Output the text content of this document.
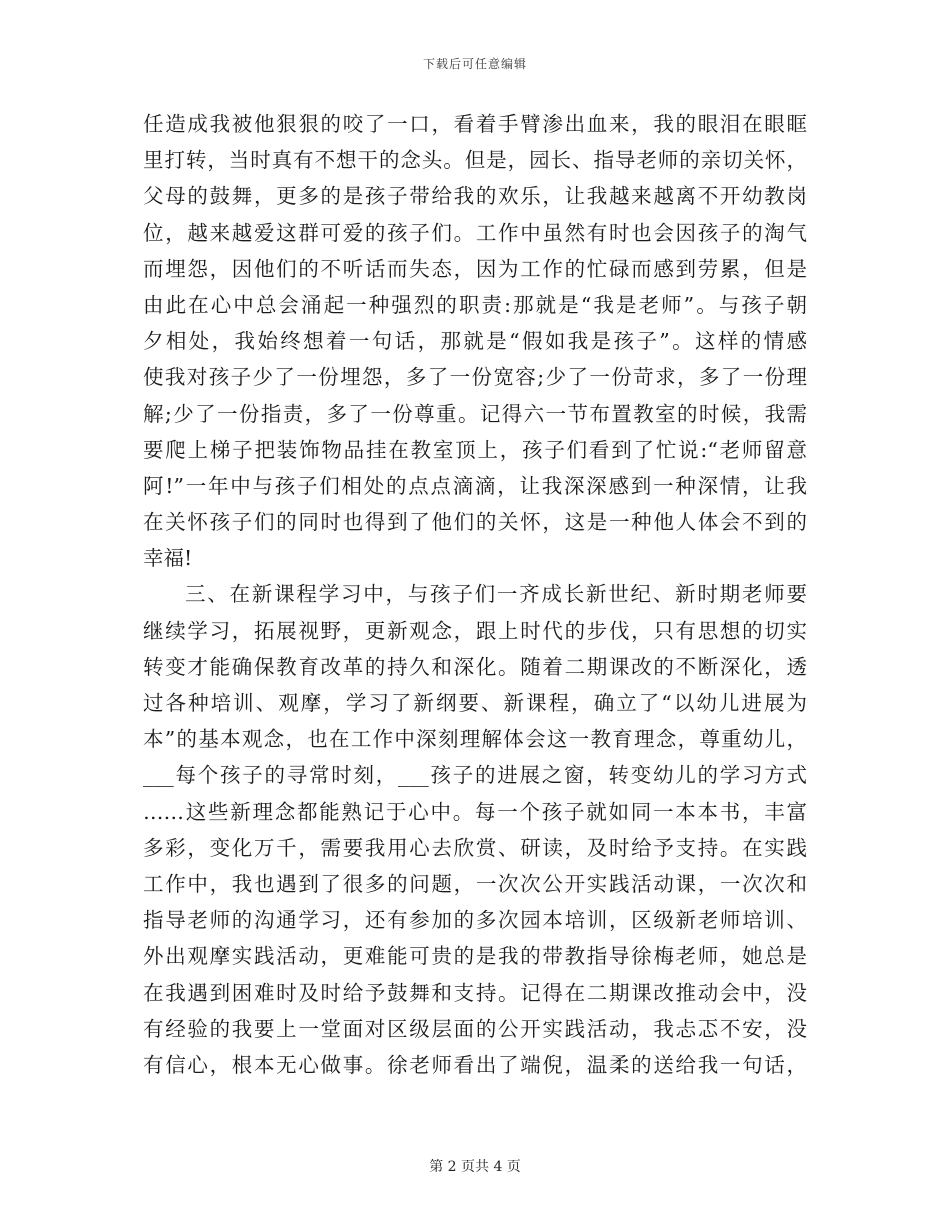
下载后可任意编辑
任造成我被他狠狠的咬了一口，看着手臂渗出血来，我的眼泪在眼眶
里打转，当时真有不想干的念头。但是，园长、指导老师的亲切关怀，
父母的鼓舞，更多的是孩子带给我的欢乐，让我越来越离不开幼教岗
位，越来越爱这群可爱的孩子们。工作中虽然有时也会因孩子的淘气
而埋怨，因他们的不听话而失态，因为工作的忙碌而感到劳累，但是
由此在心中总会涌起一种强烈的职责:那就是“我是老师”。与孩子朝
夕相处，我始终想着一句话，那就是“假如我是孩子”。这样的情感
使我对孩子少了一份埋怨，多了一份宽容;少了一份苛求，多了一份理
解;少了一份指责，多了一份尊重。记得六一节布置教室的时候，我需
要爬上梯子把装饰物品挂在教室顶上，孩子们看到了忙说:“老师留意
阿!”一年中与孩子们相处的点点滴滴，让我深深感到一种深情，让我
在关怀孩子们的同时也得到了他们的关怀，这是一种他人体会不到的
幸福!
三、在新课程学习中，与孩子们一齐成长新世纪、新时期老师要
继续学习，拓展视野，更新观念，跟上时代的步伐，只有思想的切实
转变才能确保教育改革的持久和深化。随着二期课改的不断深化，透
过各种培训、观摩，学习了新纲要、新课程，确立了“以幼儿进展为
本”的基本观念，也在工作中深刻理解体会这一教育理念，尊重幼儿，
___每个孩子的寻常时刻，___孩子的进展之窗，转变幼儿的学习方式
……这些新理念都能熟记于心中。每一个孩子就如同一本本书，丰富
多彩，变化万千，需要我用心去欣赏、研读，及时给予支持。在实践
工作中，我也遇到了很多的问题，一次次公开实践活动课，一次次和
指导老师的沟通学习，还有参加的多次园本培训，区级新老师培训、
外出观摩实践活动，更难能可贵的是我的带教指导徐梅老师，她总是
在我遇到困难时及时给予鼓舞和支持。记得在二期课改推动会中，没
有经验的我要上一堂面对区级层面的公开实践活动，我忐忑不安，没
有信心，根本无心做事。徐老师看出了端倪，温柔的送给我一句话，
第 2 页共 4 页
